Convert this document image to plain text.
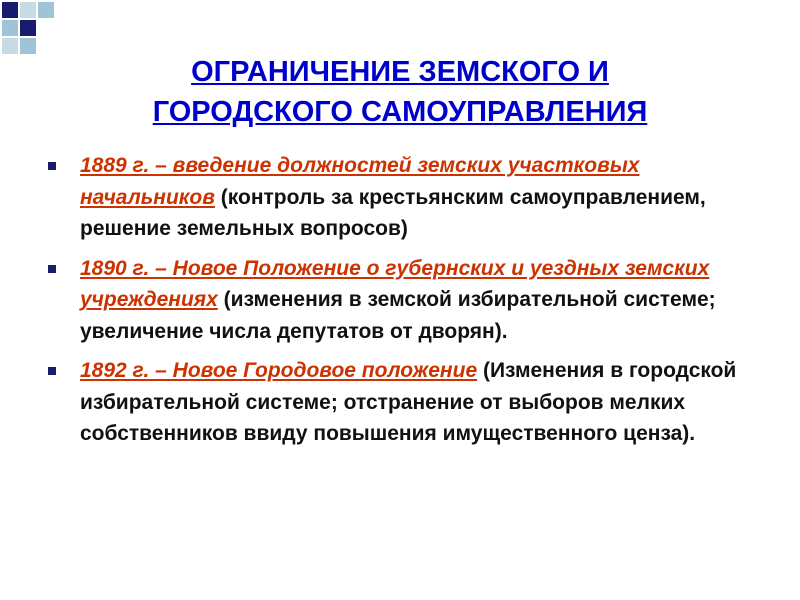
ОГРАНИЧЕНИЕ ЗЕМСКОГО И
ГОРОДСКОГО САМОУПРАВЛЕНИЯ
1889 г. – введение должностей земских участковых начальников (контроль за крестьянским самоуправлением, решение земельных вопросов)
1890 г. – Новое Положение о губернских и уездных земских учреждениях (изменения в земской избирательной системе; увеличение числа депутатов от дворян).
1892 г. – Новое Городовое положение (Изменения в городской избирательной системе; отстранение от выборов мелких собственников ввиду повышения имущественного ценза).
